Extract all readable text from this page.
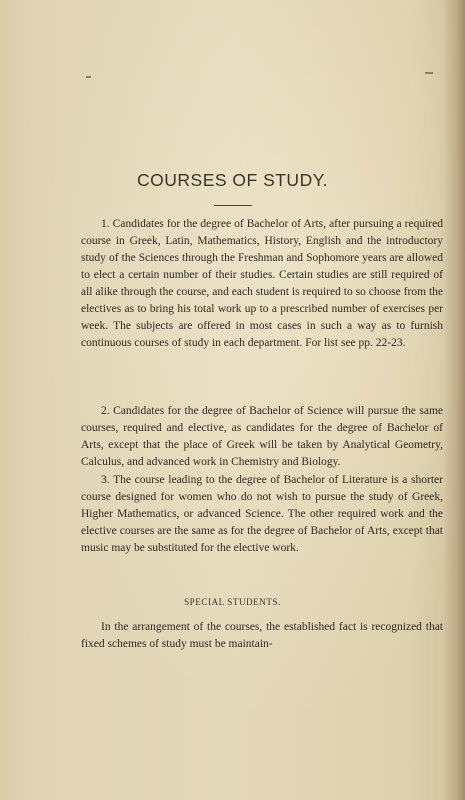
COURSES OF STUDY.

1. Candidates for the degree of Bachelor of Arts, after pursuing a required course in Greek, Latin, Mathematics, History, English and the introductory study of the Sciences through the Freshman and Sophomore years are allowed to elect a certain number of their studies. Certain studies are still required of all alike through the course, and each student is required to so choose from the electives as to bring his total work up to a prescribed number of exercises per week. The subjects are offered in most cases in such a way as to furnish continuous courses of study in each department. For list see pp. 22-23.

2. Candidates for the degree of Bachelor of Science will pursue the same courses, required and elective, as candidates for the degree of Bachelor of Arts, except that the place of Greek will be taken by Analytical Geometry, Calculus, and advanced work in Chemistry and Biology.

3. The course leading to the degree of Bachelor of Literature is a shorter course designed for women who do not wish to pursue the study of Greek, Higher Mathematics, or advanced Science. The other required work and the elective courses are the same as for the degree of Bachelor of Arts, except that music may be substituted for the elective work.

SPECIAL STUDENTS.

In the arrangement of the courses, the established fact is recognized that fixed schemes of study must be maintain-
